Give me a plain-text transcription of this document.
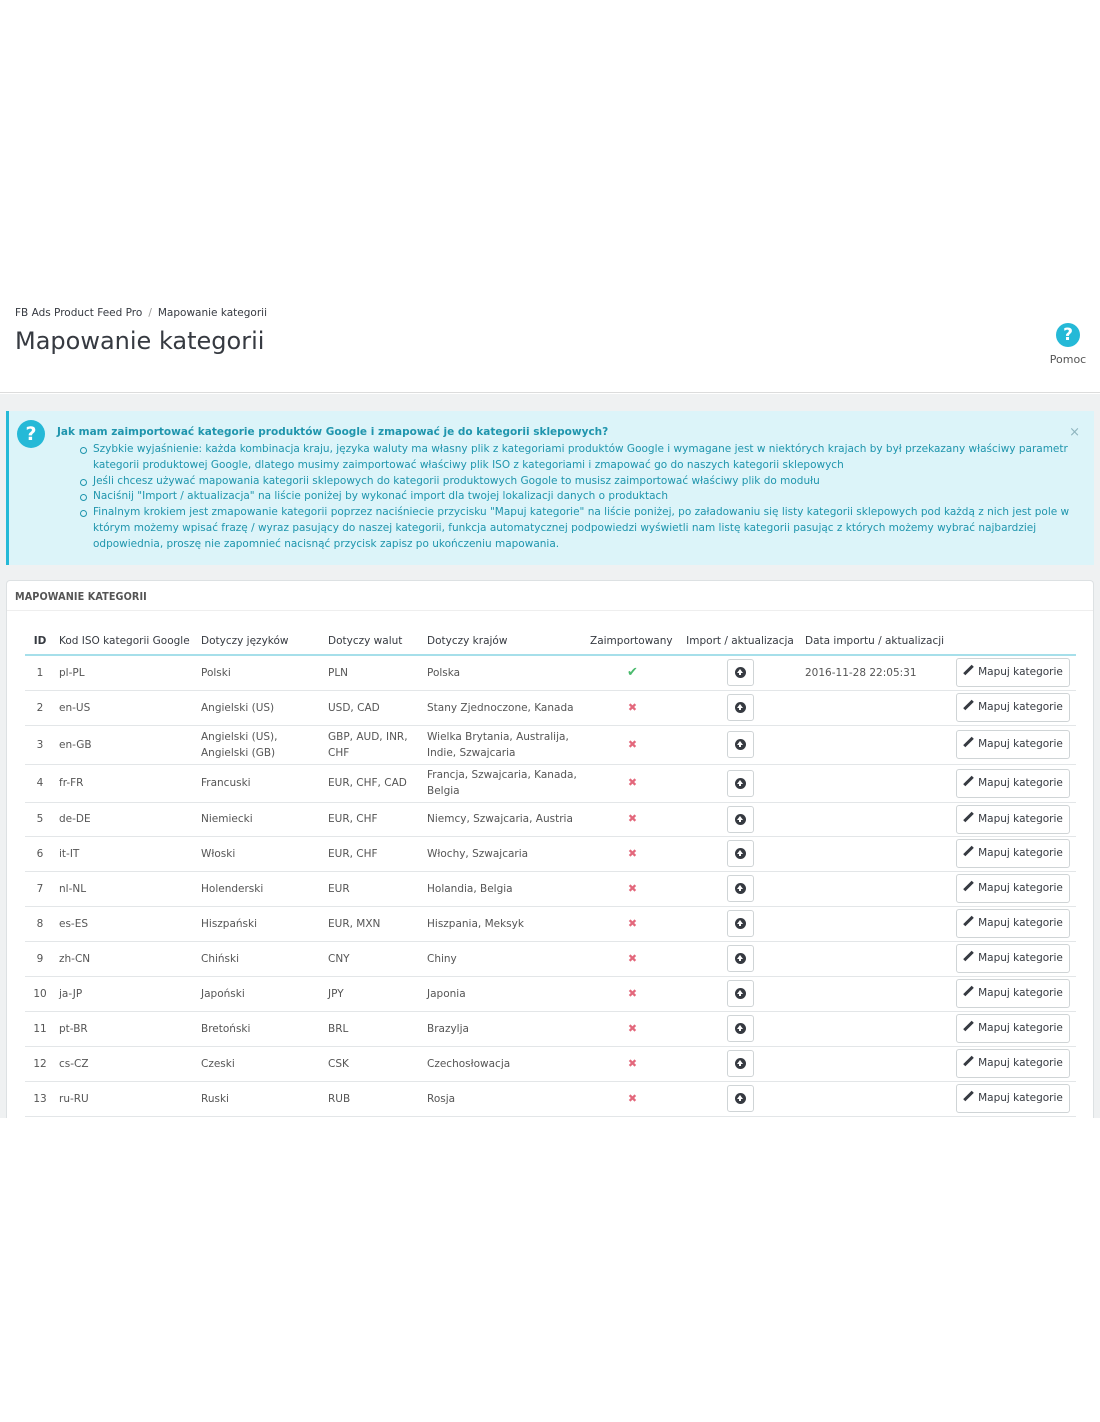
FB Ads Product Feed Pro / Mapowanie kategorii
Mapowanie kategorii	?
Pomoc
?	×
Jak mam zaimportować kategorie produktów Google i zmapować je do kategorii sklepowych?
Szybkie wyjaśnienie: każda kombinacja kraju, języka waluty ma własny plik z kategoriami produktów Google i wymagane jest w niektórych krajach by był przekazany właściwy parametr kategorii produktowej Google, dlatego musimy zaimportować właściwy plik ISO z kategoriami i zmapować go do naszych kategorii sklepowych
Jeśli chcesz używać mapowania kategorii sklepowych do kategorii produktowych Gogole to musisz zaimportować właściwy plik do modułu
Naciśnij "Import / aktualizacja" na liście poniżej by wykonać import dla twojej lokalizacji danych o produktach
Finalnym krokiem jest zmapowanie kategorii poprzez naciśniecie przycisku "Mapuj kategorie" na liście poniżej, po załadowaniu się listy kategorii sklepowych pod każdą z nich jest pole w którym możemy wpisać frazę / wyraz pasujący do naszej kategorii, funkcja automatycznej podpowiedzi wyświetli nam listę kategorii pasując z których możemy wybrać najbardziej odpowiednia, proszę nie zapomnieć nacisnąć przycisk zapisz po ukończeniu mapowania.
MAPOWANIE KATEGORII
ID	Kod ISO kategorii Google	Dotyczy języków	Dotyczy walut	Dotyczy krajów	Zaimportowany	Import / aktualizacja	Data importu / aktualizacji	
1	pl-PL	Polski	PLN	Polska	✔		2016-11-28 22:05:31	Mapuj kategorie
2	en-US	Angielski (US)	USD, CAD	Stany Zjednoczone, Kanada	✖			Mapuj kategorie
3	en-GB	Angielski (US), Angielski (GB)	GBP, AUD, INR, CHF	Wielka Brytania, Australija, Indie, Szwajcaria	✖			Mapuj kategorie
4	fr-FR	Francuski	EUR, CHF, CAD	Francja, Szwajcaria, Kanada, Belgia	✖			Mapuj kategorie
5	de-DE	Niemiecki	EUR, CHF	Niemcy, Szwajcaria, Austria	✖			Mapuj kategorie
6	it-IT	Włoski	EUR, CHF	Włochy, Szwajcaria	✖			Mapuj kategorie
7	nl-NL	Holenderski	EUR	Holandia, Belgia	✖			Mapuj kategorie
8	es-ES	Hiszpański	EUR, MXN	Hiszpania, Meksyk	✖			Mapuj kategorie
9	zh-CN	Chiński	CNY	Chiny	✖			Mapuj kategorie
10	ja-JP	Japoński	JPY	Japonia	✖			Mapuj kategorie
11	pt-BR	Bretoński	BRL	Brazylja	✖			Mapuj kategorie
12	cs-CZ	Czeski	CSK	Czechosłowacja	✖			Mapuj kategorie
13	ru-RU	Ruski	RUB	Rosja	✖			Mapuj kategorie
